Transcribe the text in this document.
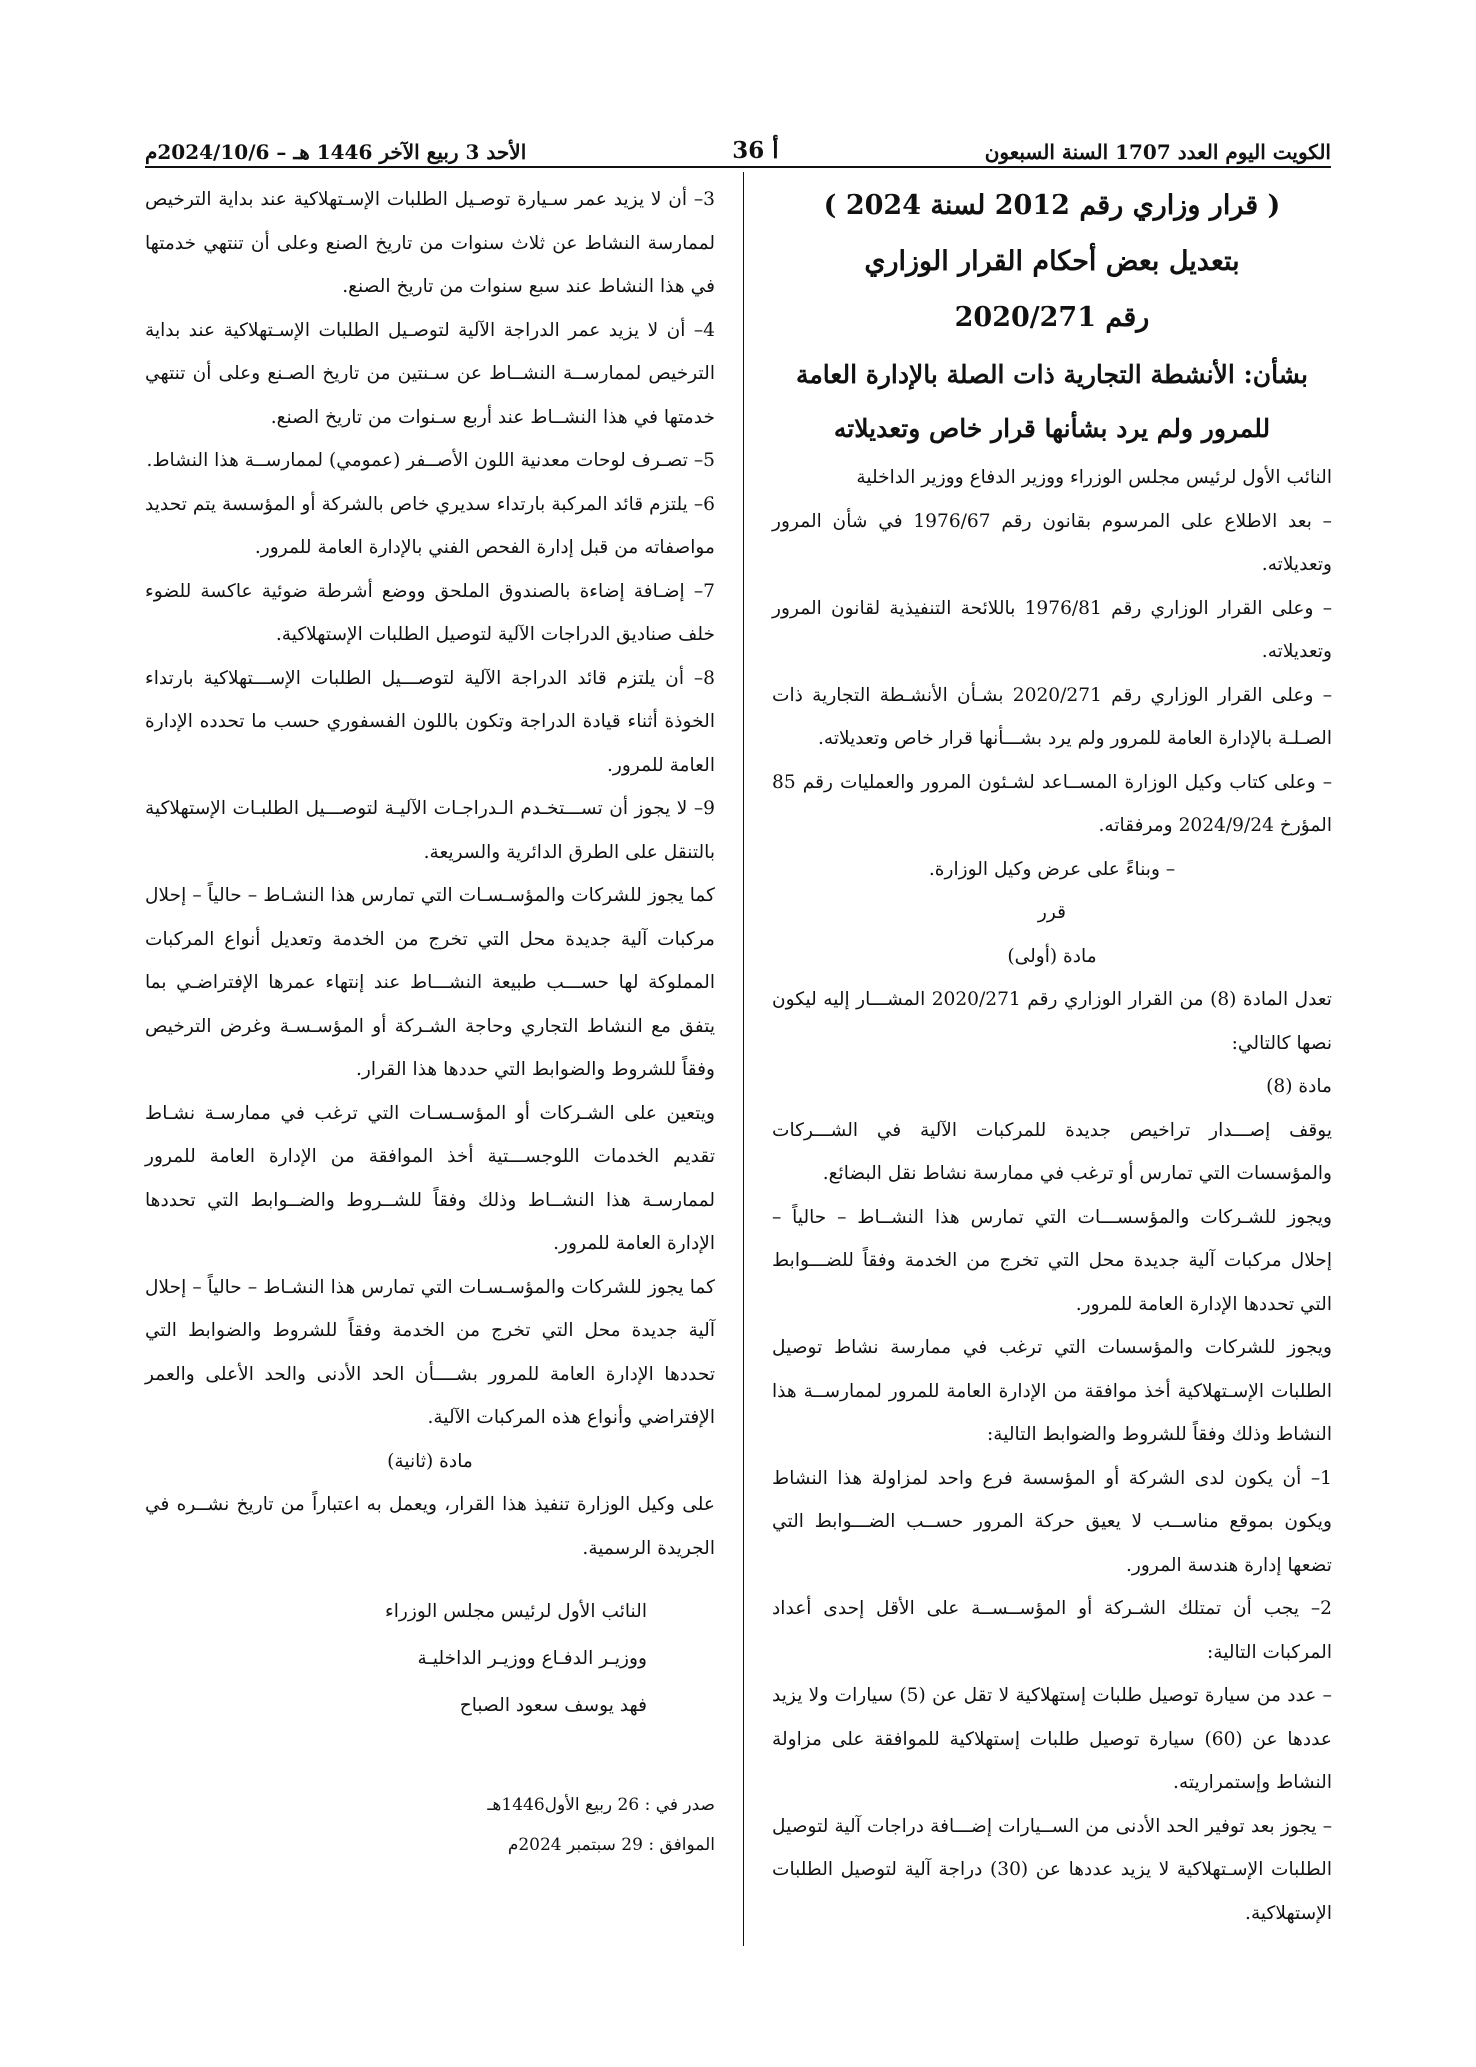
الكويت اليوم العدد 1707 السنة السبعون
أ 36
الأحد 3 ربيع الآخر 1446 هـ – 2024/10/6م
( قرار وزاري رقم 2012 لسنة 2024 )
بتعديل بعض أحكام القرار الوزاري
رقم 2020/271
بشأن: الأنشطة التجارية ذات الصلة بالإدارة العامة
للمرور ولم يرد بشأنها قرار خاص وتعديلاته

النائب الأول لرئيس مجلس الوزراء ووزير الدفاع ووزير الداخلية

– بعد الاطلاع على المرسوم بقانون رقم 1976/67 في شأن المرور وتعديلاته.

– وعلى القرار الوزاري رقم 1976/81 باللائحة التنفيذية لقانون المرور وتعديلاته.

– وعلى القرار الوزاري رقم 2020/271 بشـأن الأنشـطة التجارية ذات الصـلـة بالإدارة العامة للمرور ولم يرد بشـــأنها قرار خاص وتعديلاته.

– وعلى كتاب وكيل الوزارة المســاعد لشـئون المرور والعمليات رقم 85 المؤرخ 2024/9/24 ومرفقاته.

– وبناءً على عرض وكيل الوزارة.

قرر

مادة (أولى)

تعدل المادة (8) من القرار الوزاري رقم 2020/271 المشـــار إليه ليكون نصها كالتالي:

مادة (8)

يوقف إصـــدار تراخيص جديدة للمركبات الآلية في الشـــركات والمؤسسات التي تمارس أو ترغب في ممارسة نشاط نقل البضائع.

ويجوز للشـركات والمؤسســـات التي تمارس هذا النشــاط – حالياً – إحلال مركبات آلية جديدة محل التي تخرج من الخدمة وفقاً للضـــوابط التي تحددها الإدارة العامة للمرور.

ويجوز للشركات والمؤسسات التي ترغب في ممارسة نشاط توصيل الطلبات الإسـتهلاكية أخذ موافقة من الإدارة العامة للمرور لممارســة هذا النشاط وذلك وفقاً للشروط والضوابط التالية:

1– أن يكون لدى الشركة أو المؤسسة فرع واحد لمزاولة هذا النشاط ويكون بموقع مناســب لا يعيق حركة المرور حســب الضـــوابط التي تضعها إدارة هندسة المرور.

2– يجب أن تمتلك الشـركة أو المؤســســة على الأقل إحدى أعداد المركبات التالية:

– عدد من سيارة توصيل طلبات إستهلاكية لا تقل عن (5) سيارات ولا يزيد عددها عن (60) سيارة توصيل طلبات إستهلاكية للموافقة على مزاولة النشاط وإستمراريته.

– يجوز بعد توفير الحد الأدنى من الســيارات إضـــافة دراجات آلية لتوصيل الطلبات الإسـتهلاكية لا يزيد عددها عن (30) دراجة آلية لتوصيل الطلبات الإستهلاكية.

3– أن لا يزيد عمر سـيارة توصـيل الطلبات الإسـتهلاكية عند بداية الترخيص لممارسة النشاط عن ثلاث سنوات من تاريخ الصنع وعلى أن تنتهي خدمتها في هذا النشاط عند سبع سنوات من تاريخ الصنع.

4– أن لا يزيد عمر الدراجة الآلية لتوصـيل الطلبات الإسـتهلاكية عند بداية الترخيص لممارســة النشــاط عن سـنتين من تاريخ الصـنع وعلى أن تنتهي خدمتها في هذا النشــاط عند أربع سـنوات من تاريخ الصنع.

5– تصـرف لوحات معدنية اللون الأصــفر (عمومي) لممارســة هذا النشاط.

6– يلتزم قائد المركبة بارتداء سديري خاص بالشركة أو المؤسسة يتم تحديد مواصفاته من قبل إدارة الفحص الفني بالإدارة العامة للمرور.

7– إضـافة إضاءة بالصندوق الملحق ووضع أشرطة ضوئية عاكسة للضوء خلف صناديق الدراجات الآلية لتوصيل الطلبات الإستهلاكية.

8– أن يلتزم قائد الدراجة الآلية لتوصـــيل الطلبات الإســـتهلاكية بارتداء الخوذة أثناء قيادة الدراجة وتكون باللون الفسفوري حسب ما تحدده الإدارة العامة للمرور.

9– لا يجوز أن تســـتخـدم الـدراجـات الآليـة لتوصـــيل الطلبـات الإستهلاكية بالتنقل على الطرق الدائرية والسريعة.

كما يجوز للشركات والمؤسـسـات التي تمارس هذا النشـاط – حالياً – إحلال مركبات آلية جديدة محل التي تخرج من الخدمة وتعديل أنواع المركبات المملوكة لها حســـب طبيعة النشـــاط عند إنتهاء عمرها الإفتراضـي بما يتفق مع النشاط التجاري وحاجة الشـركة أو المؤسـسـة وغرض الترخيص وفقاً للشروط والضوابط التي حددها هذا القرار.

ويتعين على الشـركات أو المؤسـسـات التي ترغب في ممارسـة نشـاط تقديم الخدمات اللوجســـتية أخذ الموافقة من الإدارة العامة للمرور لممارسـة هذا النشــاط وذلك وفقاً للشــروط والضــوابط التي تحددها الإدارة العامة للمرور.

كما يجوز للشركات والمؤسـسـات التي تمارس هذا النشـاط – حالياً – إحلال آلية جديدة محل التي تخرج من الخدمة وفقاً للشروط والضوابط التي تحددها الإدارة العامة للمرور بشــــأن الحد الأدنى والحد الأعلى والعمر الإفتراضي وأنواع هذه المركبات الآلية.

مادة (ثانية)

على وكيل الوزارة تنفيذ هذا القرار، ويعمل به اعتباراً من تاريخ نشــره في الجريدة الرسمية.

النائب الأول لرئيس مجلس الوزراء
ووزيـر الدفـاع ووزيـر الداخليـة
فهد يوسف سعود الصباح

صدر في : 26 ربيع الأول1446هـ

الموافق : 29 سبتمبر 2024م
